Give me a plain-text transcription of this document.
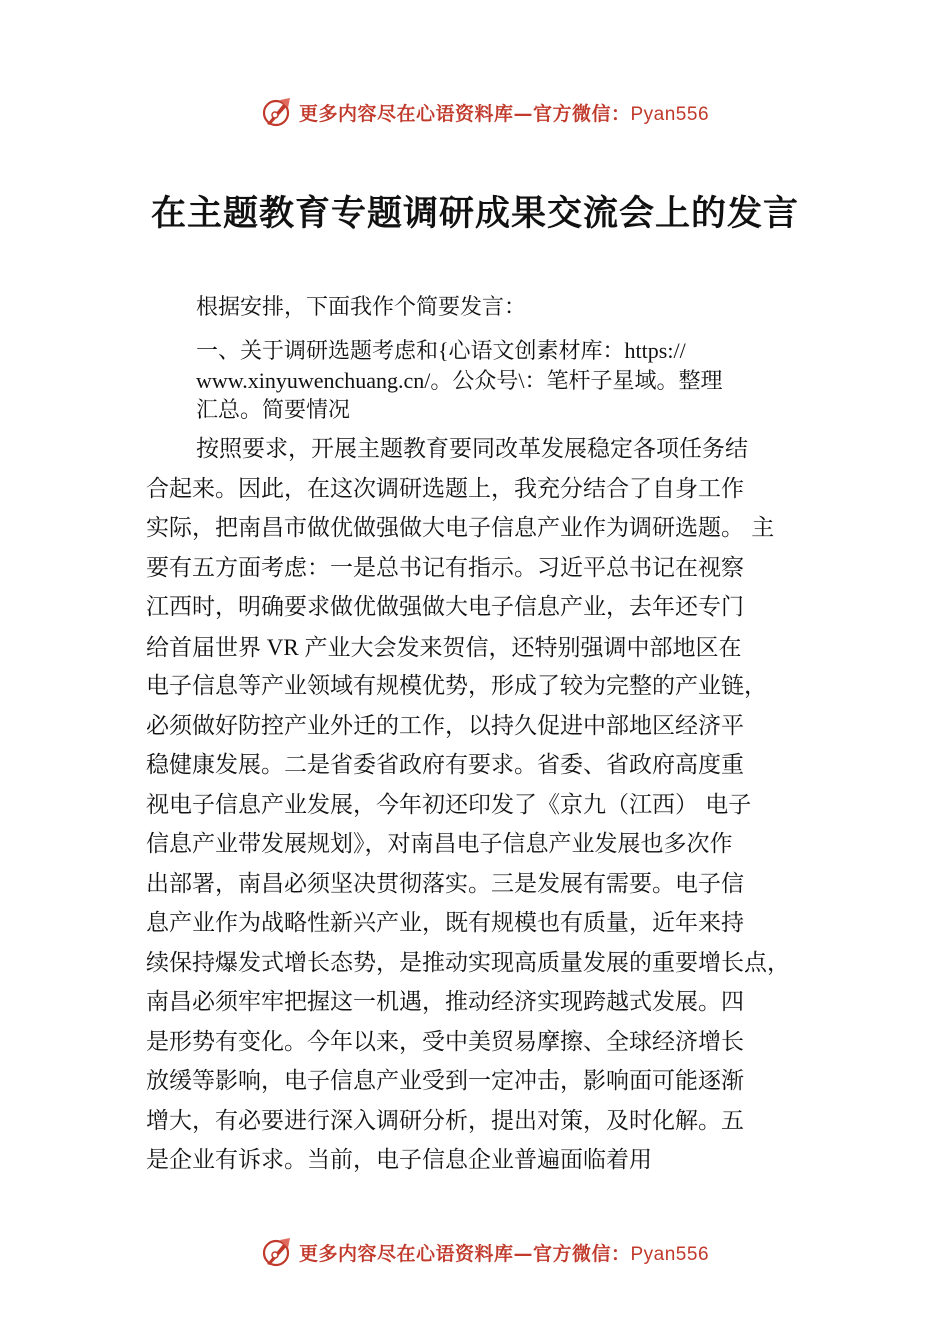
更多内容尽在心语资料库—官方微信：Pyan556
在主题教育专题调研成果交流会上的发言
根据安排，下面我作个简要发言：
一、关于调研选题考虑和{心语文创素材库：https://
www.xinyuwenchuang.cn/。公众号\：笔杆子星域。整理
汇总。简要情况
按照要求，开展主题教育要同改革发展稳定各项任务结
合起来。因此，在这次调研选题上，我充分结合了自身工作
实际，把南昌市做优做强做大电子信息产业作为调研选题。 主
要有五方面考虑：一是总书记有指示。习近平总书记在视察
江西时，明确要求做优做强做大电子信息产业，去年还专门
给首届世界 VR 产业大会发来贺信，还特别强调中部地区在
电子信息等产业领域有规模优势，形成了较为完整的产业链，
必须做好防控产业外迁的工作，以持久促进中部地区经济平
稳健康发展。二是省委省政府有要求。省委、省政府高度重
视电子信息产业发展，今年初还印发了《京九（江西） 电子
信息产业带发展规划》，对南昌电子信息产业发展也多次作
出部署，南昌必须坚决贯彻落实。三是发展有需要。电子信
息产业作为战略性新兴产业，既有规模也有质量，近年来持
续保持爆发式增长态势，是推动实现高质量发展的重要增长点，
南昌必须牢牢把握这一机遇，推动经济实现跨越式发展。四
是形势有变化。今年以来，受中美贸易摩擦、全球经济增长
放缓等影响，电子信息产业受到一定冲击，影响面可能逐渐
增大，有必要进行深入调研分析，提出对策，及时化解。五
是企业有诉求。当前，电子信息企业普遍面临着用
更多内容尽在心语资料库—官方微信：Pyan556
